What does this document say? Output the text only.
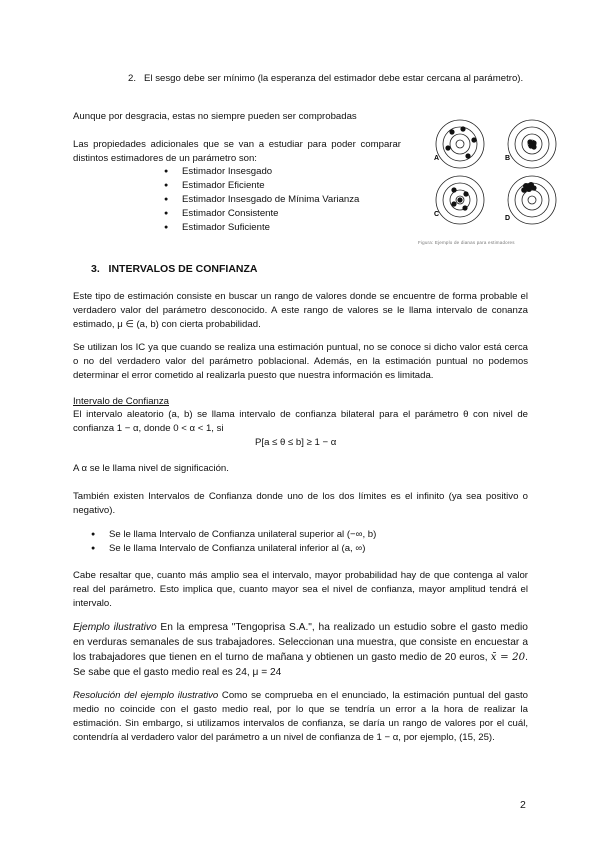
2. El sesgo debe ser mínimo (la esperanza del estimador debe estar cercana al parámetro).

Aunque por desgracia, estas no siempre pueden ser comprobadas

Las propiedades adicionales que se van a estudiar para poder comparar distintos estimadores de un parámetro son:

● Estimador Insesgado
● Estimador Eficiente
● Estimador Insesgado de Mínima Varianza
● Estimador Consistente
● Estimador Suficiente
A	B
C
D
Figura: Ejemplo de dianas para estimadores
3. INTERVALOS DE CONFIANZA

Este tipo de estimación consiste en buscar un rango de valores donde se encuentre de forma probable el verdadero valor del parámetro desconocido. A este rango de valores se le llama intervalo de conanza estimado, μ ∈ (a, b) con cierta probabilidad.

Se utilizan los IC ya que cuando se realiza una estimación puntual, no se conoce si dicho valor está cerca o no del verdadero valor del parámetro poblacional. Además, en la estimación puntual no podemos determinar el error cometido al realizarla puesto que nuestra información es limitada.

Intervalo de Confianza

El intervalo aleatorio (a, b) se llama intervalo de confianza bilateral para el parámetro θ con nivel de confianza 1 − α, donde 0 < α < 1, si

P[a ≤ θ ≤ b] ≥ 1 − α

A α se le llama nivel de significación.

También existen Intervalos de Confianza donde uno de los dos límites es el infinito (ya sea positivo o negativo).

● Se le llama Intervalo de Confianza unilateral superior al (−∞, b)
● Se le llama Intervalo de Confianza unilateral inferior al (a, ∞)

Cabe resaltar que, cuanto más amplio sea el intervalo, mayor probabilidad hay de que contenga al valor real del parámetro. Esto implica que, cuanto mayor sea el nivel de confianza, mayor amplitud tendrá el intervalo.

Ejemplo ilustrativo En la empresa "Tengoprisa S.A.", ha realizado un estudio sobre el gasto medio en verduras semanales de sus trabajadores. Seleccionan una muestra, que consiste en encuestar a los trabajadores que tienen en el turno de mañana y obtienen un gasto medio de 20 euros, x̄ = 20. Se sabe que el gasto medio real es 24, μ = 24

Resolución del ejemplo ilustrativo Como se comprueba en el enunciado, la estimación puntual del gasto medio no coincide con el gasto medio real, por lo que se tendría un error a la hora de realizar la estimación. Sin embargo, si utilizamos intervalos de confianza, se daría un rango de valores por el cuál, contendría al verdadero valor del parámetro a un nivel de confianza de 1 − α, por ejemplo, (15, 25).

2
